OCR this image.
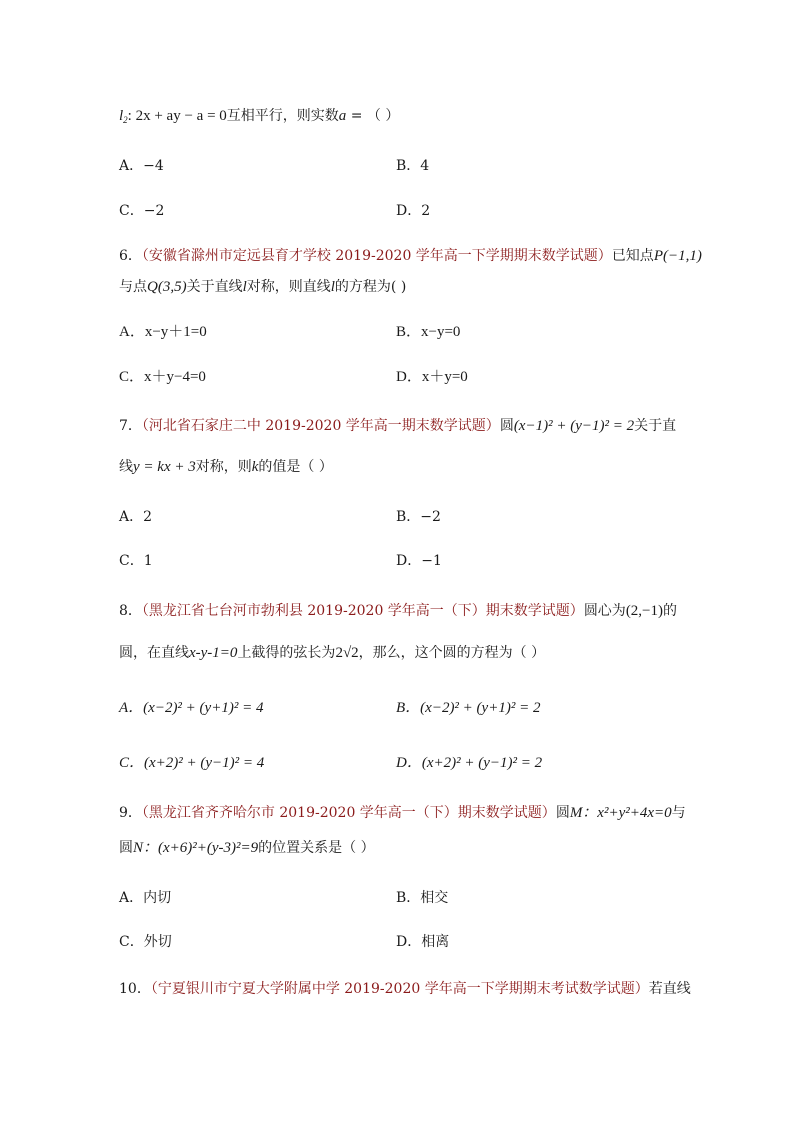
$l_2$: 2x + ay − a = 0互相平行，则实数a = （ ）
A．−4	B．4
C．−2	D．2
6．（安徽省滁州市定远县育才学校 2019-2020 学年高一下学期期末数学试题）已知点P(−1,1)
与点Q(3,5)关于直线l对称，则直线l的方程为( )
A．x−y＋1=0	B．x−y=0
C．x＋y−4=0	D．x＋y=0
7．（河北省石家庄二中 2019-2020 学年高一期末数学试题）圆(x−1)² + (y−1)² = 2关于直
线y = kx + 3对称，则k的值是（ ）
A．2	B．−2
C．1	D．−1
8．（黑龙江省七台河市勃利县 2019-2020 学年高一（下）期末数学试题）圆心为(2,−1)的
圆，在直线x-y-1=0上截得的弦长为2√2，那么，这个圆的方程为（ ）
A．(x−2)² + (y+1)² = 4	B．(x−2)² + (y+1)² = 2
C．(x+2)² + (y−1)² = 4	D．(x+2)² + (y−1)² = 2
9．（黑龙江省齐齐哈尔市 2019-2020 学年高一（下）期末数学试题）圆M：x²+y²+4x=0与
圆N：(x+6)²+(y-3)²=9的位置关系是（ ）
A．内切	B．相交
C．外切	D．相离
10．（宁夏银川市宁夏大学附属中学 2019-2020 学年高一下学期期末考试数学试题）若直线
